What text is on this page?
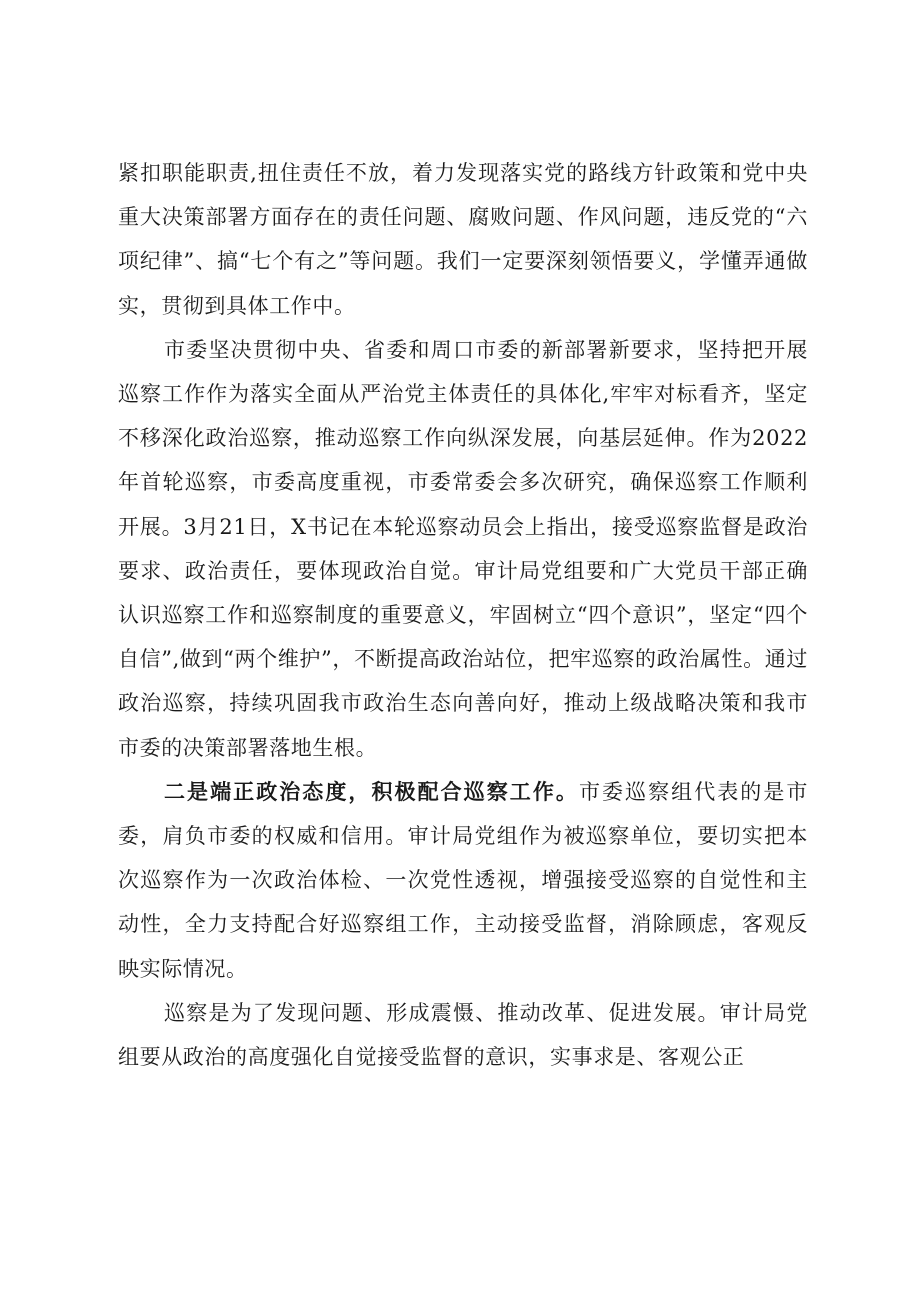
紧扣职能职责,扭住责任不放，着力发现落实党的路线方针政策和党中央重大决策部署方面存在的责任问题、腐败问题、作风问题，违反党的“六项纪律”、搞“七个有之”等问题。我们一定要深刻领悟要义，学懂弄通做实，贯彻到具体工作中。

市委坚决贯彻中央、省委和周口市委的新部署新要求，坚持把开展巡察工作作为落实全面从严治党主体责任的具体化,牢牢对标看齐，坚定不移深化政治巡察，推动巡察工作向纵深发展，向基层延伸。作为2022年首轮巡察，市委高度重视，市委常委会多次研究，确保巡察工作顺利开展。3月21日，X书记在本轮巡察动员会上指出，接受巡察监督是政治要求、政治责任，要体现政治自觉。审计局党组要和广大党员干部正确认识巡察工作和巡察制度的重要意义，牢固树立“四个意识”，坚定“四个自信”,做到“两个维护”，不断提高政治站位，把牢巡察的政治属性。通过政治巡察，持续巩固我市政治生态向善向好，推动上级战略决策和我市市委的决策部署落地生根。

二是端正政治态度，积极配合巡察工作。市委巡察组代表的是市委，肩负市委的权威和信用。审计局党组作为被巡察单位，要切实把本次巡察作为一次政治体检、一次党性透视，增强接受巡察的自觉性和主动性，全力支持配合好巡察组工作，主动接受监督，消除顾虑，客观反映实际情况。

巡察是为了发现问题、形成震慑、推动改革、促进发展。审计局党组要从政治的高度强化自觉接受监督的意识，实事求是、客观公正
